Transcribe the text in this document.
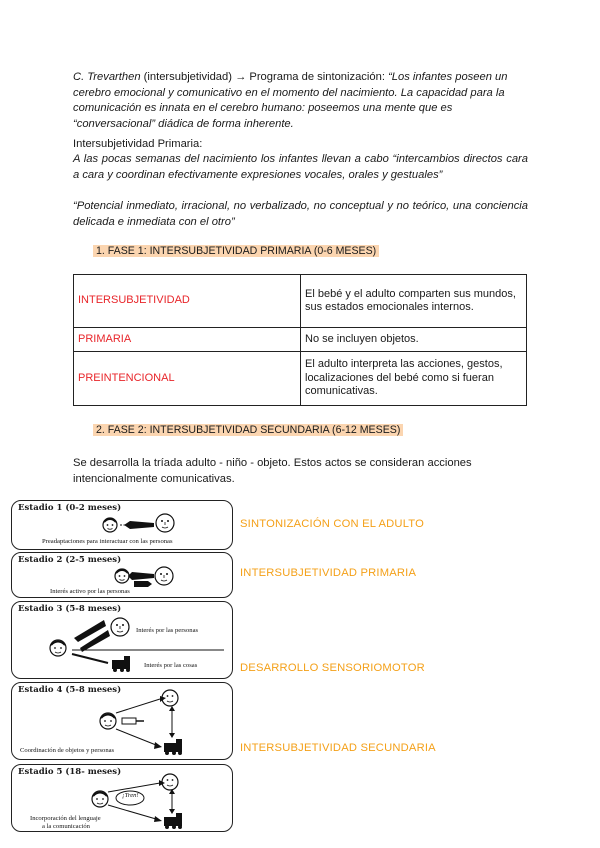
C. Trevarthen (intersubjetividad) → Programa de sintonización: “Los infantes poseen un cerebro emocional y comunicativo en el momento del nacimiento. La capacidad para la comunicación es innata en el cerebro humano: poseemos una mente que es “conversacional” diádica de forma inherente.
Intersubjetividad Primaria:
A las pocas semanas del nacimiento los infantes llevan a cabo “intercambios directos cara a cara y coordinan efectivamente expresiones vocales, orales y gestuales”
“Potencial inmediato, irracional, no verbalizado, no conceptual y no teórico, una conciencia delicada e inmediata con el otro”
1. FASE 1: INTERSUBJETIVIDAD PRIMARIA (0-6 MESES)
INTERSUBJETIVIDAD	El bebé y el adulto comparten sus mundos, sus estados emocionales internos.
PRIMARIA	No se incluyen objetos.
PREINTENCIONAL	El adulto interpreta las acciones, gestos, localizaciones del bebé como si fueran comunicativas.
2. FASE 2: INTERSUBJETIVIDAD SECUNDARIA (6-12 MESES)
Se desarrolla la tríada adulto - niño - objeto. Estos actos se consideran acciones intencionalmente comunicativas.
SINTONIZACIÓN CON EL ADULTO
INTERSUBJETIVIDAD PRIMARIA
DESARROLLO SENSORIOMOTOR
INTERSUBJETIVIDAD SECUNDARIA
Estadio 1 (0-2 meses)
Preadaptaciones para interactuar con las personas
Estadio 2 (2-5 meses)
Interés activo por las personas
Estadio 3 (5-8 meses)
Interés por las personas
Interés por las cosas
Estadio 4 (5-8 meses)
Coordinación de objetos y personas
Estadio 5 (18- meses)
¡Tren!
Incorporación del lenguaje
a la comunicación
